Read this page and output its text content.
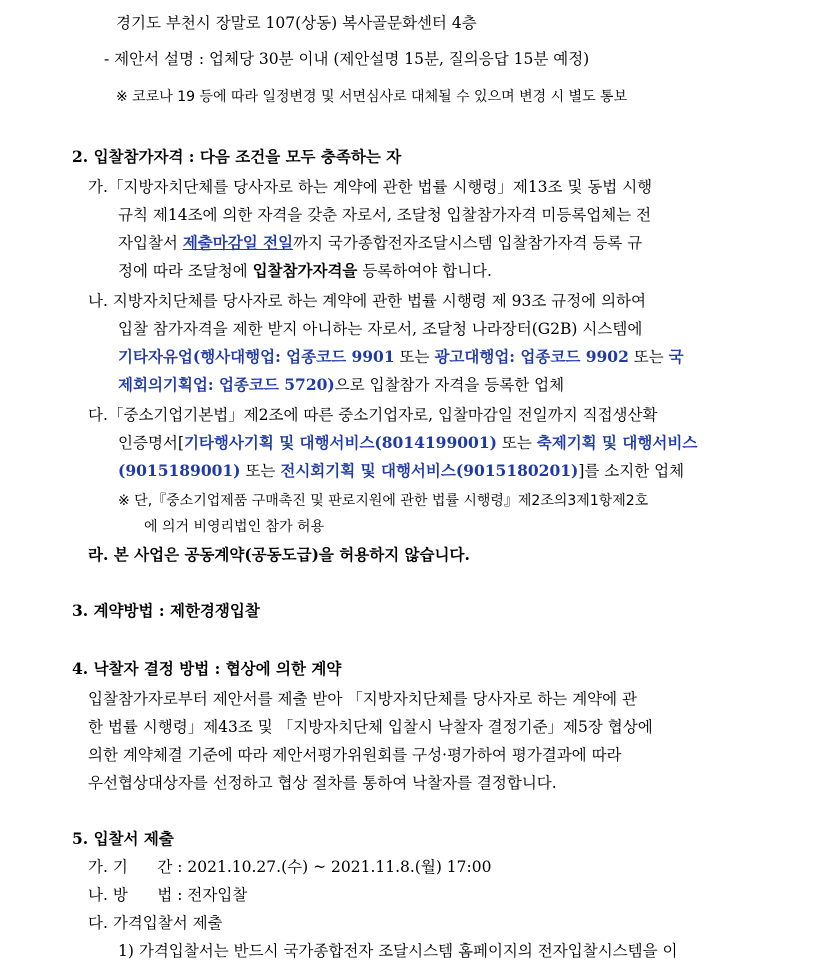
경기도 부천시 장말로 107(상동) 복사골문화센터 4층
- 제안서 설명 : 업체당 30분 이내 (제안설명 15분, 질의응답 15분 예정)
※ 코로나 19 등에 따라 일정변경 및 서면심사로 대체될 수 있으며 변경 시 별도 통보
2. 입찰참가자격 : 다음 조건을 모두 충족하는 자
가.「지방자치단체를 당사자로 하는 계약에 관한 법률 시행령」제13조 및 동법 시행
규칙 제14조에 의한 자격을 갖춘 자로서, 조달청 입찰참가자격 미등록업체는 전
자입찰서 제출마감일 전일까지 국가종합전자조달시스템 입찰참가자격 등록 규
정에 따라 조달청에 입찰참가자격을 등록하여야 합니다.
나. 지방자치단체를 당사자로 하는 계약에 관한 법률 시행령 제 93조 규정에 의하여
입찰 참가자격을 제한 받지 아니하는 자로서, 조달청 나라장터(G2B) 시스템에
기타자유업(행사대행업: 업종코드 9901 또는 광고대행업: 업종코드 9902 또는 국
제회의기획업: 업종코드 5720)으로 입찰참가 자격을 등록한 업체
다.「중소기업기본법」제2조에 따른 중소기업자로, 입찰마감일 전일까지 직접생산확
인증명서[기타행사기획 및 대행서비스(8014199001) 또는 축제기획 및 대행서비스
(9015189001) 또는 전시회기획 및 대행서비스(9015180201)]를 소지한 업체
※ 단,『중소기업제품 구매촉진 및 판로지원에 관한 법률 시행령』제2조의3제1항제2호
에 의거 비영리법인 참가 허용
라. 본 사업은 공동계약(공동도급)을 허용하지 않습니다.
3. 계약방법 : 제한경쟁입찰
4. 낙찰자 결정 방법 : 협상에 의한 계약
입찰참가자로부터 제안서를 제출 받아 「지방자치단체를 당사자로 하는 계약에 관
한 법률 시행령」제43조 및 「지방자치단체 입찰시 낙찰자 결정기준」제5장 협상에
의한 계약체결 기준에 따라 제안서평가위원회를 구성·평가하여 평가결과에 따라
우선협상대상자를 선정하고 협상 절차를 통하여 낙찰자를 결정합니다.
5. 입찰서 제출
가. 기      간 : 2021.10.27.(수) ~ 2021.11.8.(월) 17:00
나. 방      법 : 전자입찰
다. 가격입찰서 제출
1) 가격입찰서는 반드시 국가종합전자 조달시스템 홈페이지의 전자입찰시스템을 이
